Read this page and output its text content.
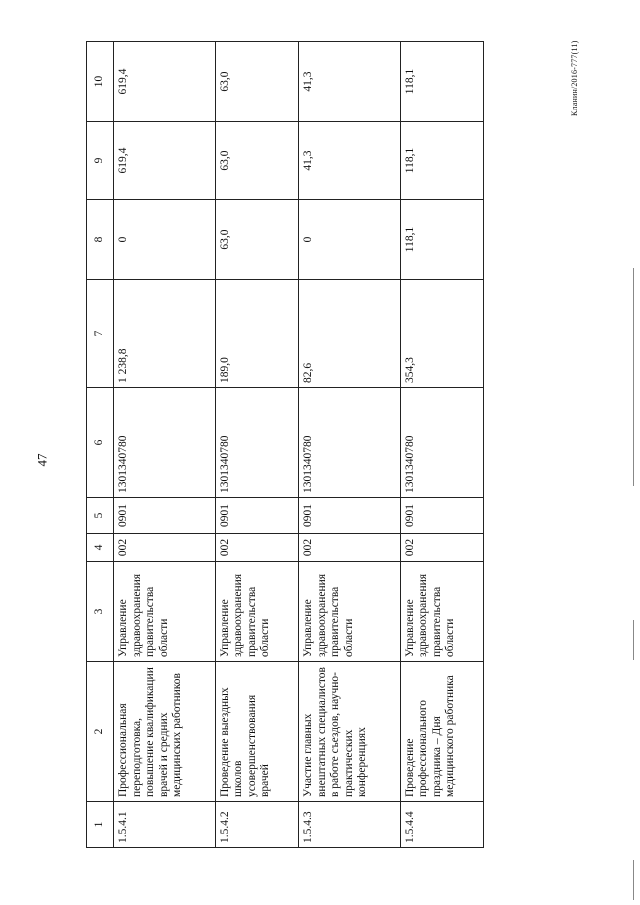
47
Кланин/2016-777(11)
1	2	3	4	5	6	7	8	9	10
1.5.4.1	Профессиональная переподготовка, повышение квалификации врачей и средних медицинских работников	Управление здравоохранения правительства области	002	0901	1301340780	1 238,8	0	619,4	619,4
1.5.4.2	Проведение выездных школов усовершенствования врачей	Управление здравоохранения правительства области	002	0901	1301340780	189,0	63,0	63,0	63,0
1.5.4.3	Участие главных внештатных специалистов в работе съездов, научно-практических конференциях	Управление здравоохранения правительства области	002	0901	1301340780	82,6	0	41,3	41,3
1.5.4.4	Проведение профессионального праздника – Дня медицинского работника	Управление здравоохранения правительства области	002	0901	1301340780	354,3	118,1	118,1	118,1
